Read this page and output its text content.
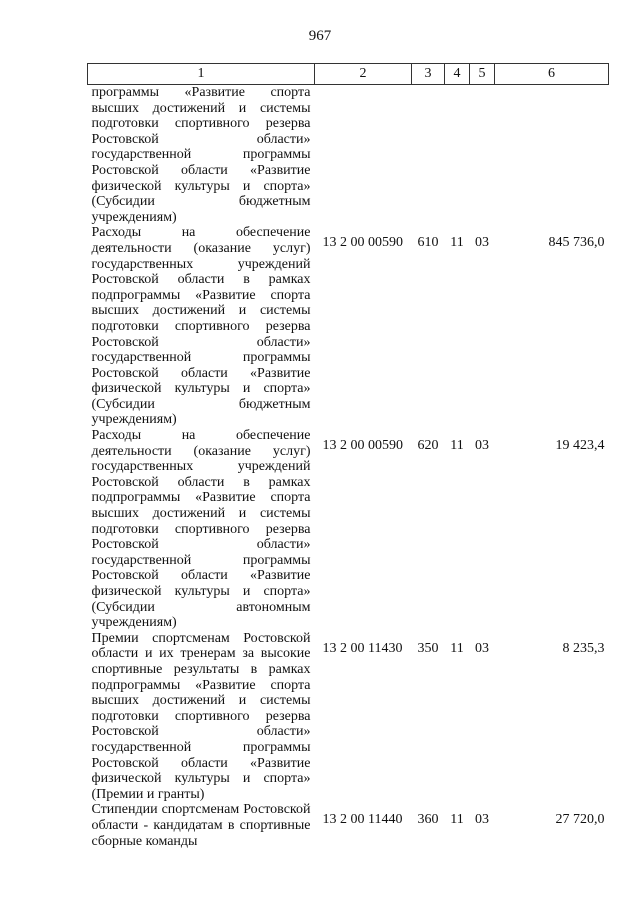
967
1	2	3	4	5	6
программы «Развитие спорта высших достижений и системы подготовки спортивного резерва Ростовской области» государственной программы Ростовской области «Развитие физической культуры и спорта» (Субсидии бюджетным учреждениям)					
Расходы на обеспечение деятельности (оказание услуг) государственных учреждений Ростовской области в рамках подпрограммы «Развитие спорта высших достижений и системы подготовки спортивного резерва Ростовской области» государственной программы Ростовской области «Развитие физической культуры и спорта» (Субсидии бюджетным учреждениям)	13 2 00 00590	610	11	03	845 736,0
Расходы на обеспечение деятельности (оказание услуг) государственных учреждений Ростовской области в рамках подпрограммы «Развитие спорта высших достижений и системы подготовки спортивного резерва Ростовской области» государственной программы Ростовской области «Развитие физической культуры и спорта» (Субсидии автономным учреждениям)	13 2 00 00590	620	11	03	19 423,4
Премии спортсменам Ростовской области и их тренерам за высокие спортивные результаты в рамках подпрограммы «Развитие спорта высших достижений и системы подготовки спортивного резерва Ростовской области» государственной программы Ростовской области «Развитие физической культуры и спорта» (Премии и гранты)	13 2 00 11430	350	11	03	8 235,3
Стипендии спортсменам Ростовской области - кандидатам в спортивные сборные команды	13 2 00 11440	360	11	03	27 720,0
